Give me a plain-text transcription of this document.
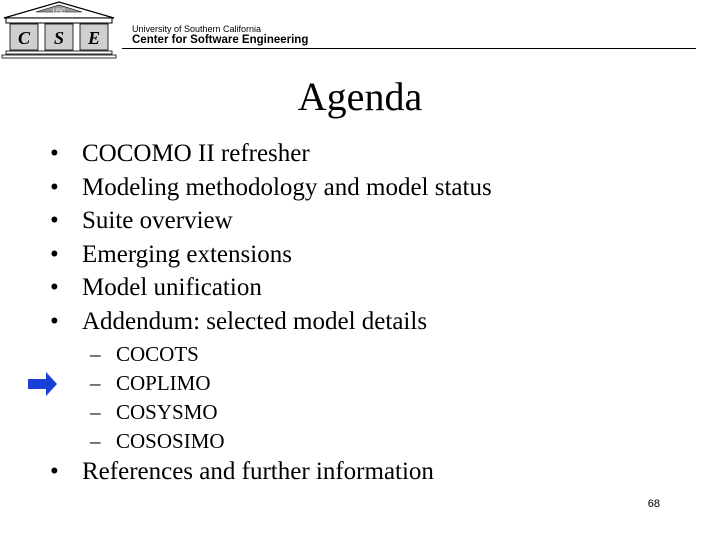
USC
C S E	University of Southern California
Center for Software Engineering
Agenda
• COCOMO II refresher
• Modeling methodology and model status
• Suite overview
• Emerging extensions
• Model unification
• Addendum: selected model details
– COCOTS
– COPLIMO
– COSYSMO
– COSOSIMO
• References and further information
68
